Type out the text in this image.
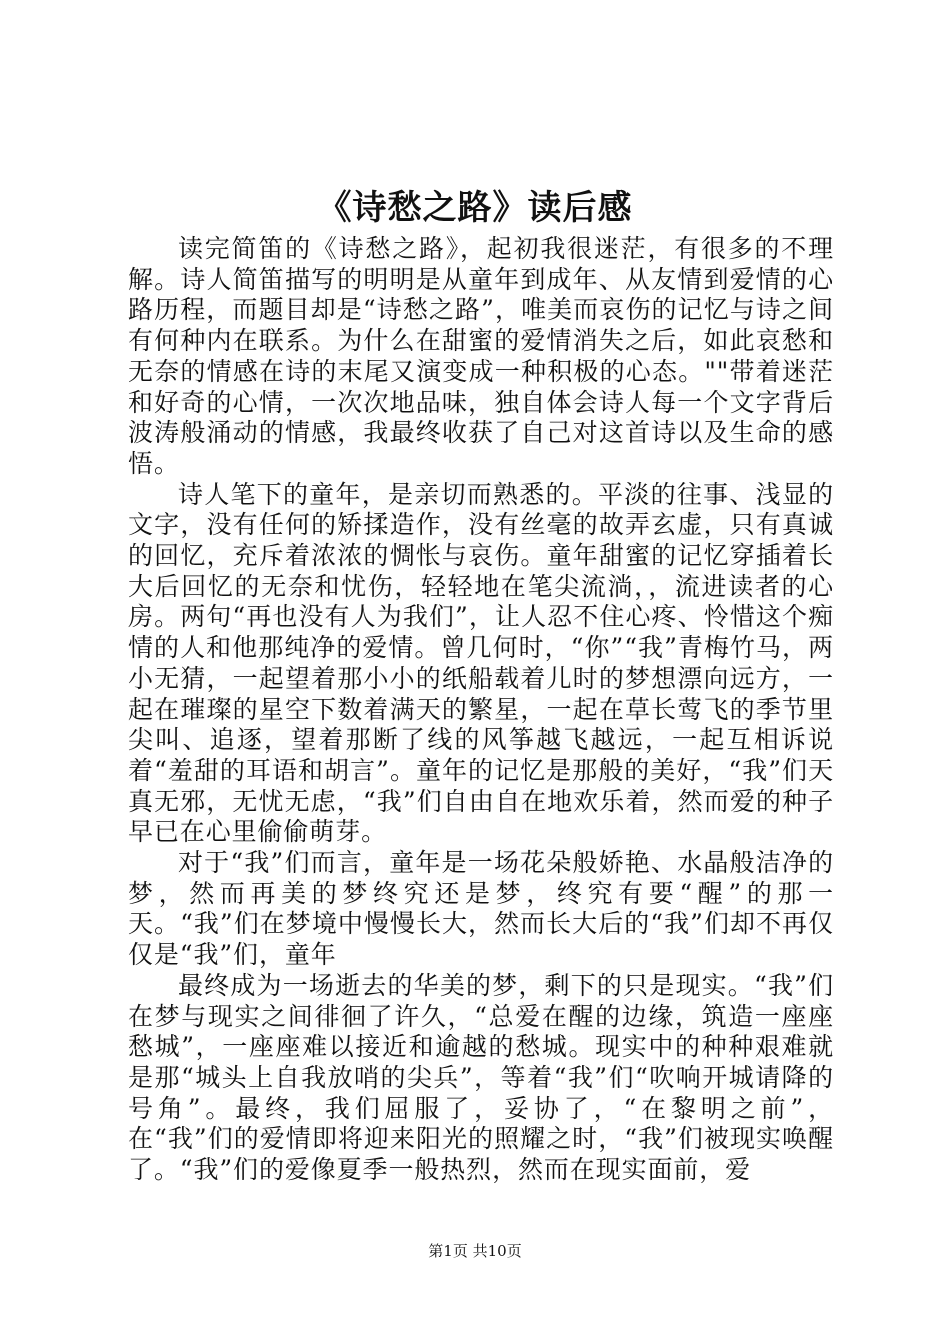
《诗愁之路》读后感

读完简笛的《诗愁之路》，起初我很迷茫，有很多的不理解。诗人简笛描写的明明是从童年到成年、从友情到爱情的心路历程，而题目却是“诗愁之路”，唯美而哀伤的记忆与诗之间有何种内在联系。为什么在甜蜜的爱情消失之后，如此哀愁和无奈的情感在诗的末尾又演变成一种积极的心态。""带着迷茫和好奇的心情，一次次地品味，独自体会诗人每一个文字背后波涛般涌动的情感，我最终收获了自己对这首诗以及生命的感悟。

诗人笔下的童年，是亲切而熟悉的。平淡的往事、浅显的文字，没有任何的矫揉造作，没有丝毫的故弄玄虚，只有真诚的回忆，充斥着浓浓的惆怅与哀伤。童年甜蜜的记忆穿插着长大后回忆的无奈和忧伤，轻轻地在笔尖流淌，，流进读者的心房。两句“再也没有人为我们”，让人忍不住心疼、怜惜这个痴情的人和他那纯净的爱情。曾几何时，“你”“我”青梅竹马，两小无猜，一起望着那小小的纸船载着儿时的梦想漂向远方，一起在璀璨的星空下数着满天的繁星，一起在草长莺飞的季节里尖叫、追逐，望着那断了线的风筝越飞越远，一起互相诉说着“羞甜的耳语和胡言”。童年的记忆是那般的美好，“我”们天真无邪，无忧无虑，“我”们自由自在地欢乐着，然而爱的种子早已在心里偷偷萌芽。

对于“我”们而言，童年是一场花朵般娇艳、水晶般洁净的梦，然而再美的梦终究还是梦，终究有要“醒”的那一天。“我”们在梦境中慢慢长大，然而长大后的“我”们却不再仅仅是“我”们，童年

最终成为一场逝去的华美的梦，剩下的只是现实。“我”们在梦与现实之间徘徊了许久，“总爱在醒的边缘，筑造一座座愁城”，一座座难以接近和逾越的愁城。现实中的种种艰难就是那“城头上自我放哨的尖兵”，等着“我”们“吹响开城请降的号角”。最终，我们屈服了，妥协了，“在黎明之前”，在“我”们的爱情即将迎来阳光的照耀之时，“我”们被现实唤醒了。“我”们的爱像夏季一般热烈，然而在现实面前，爱

第1页 共10页
